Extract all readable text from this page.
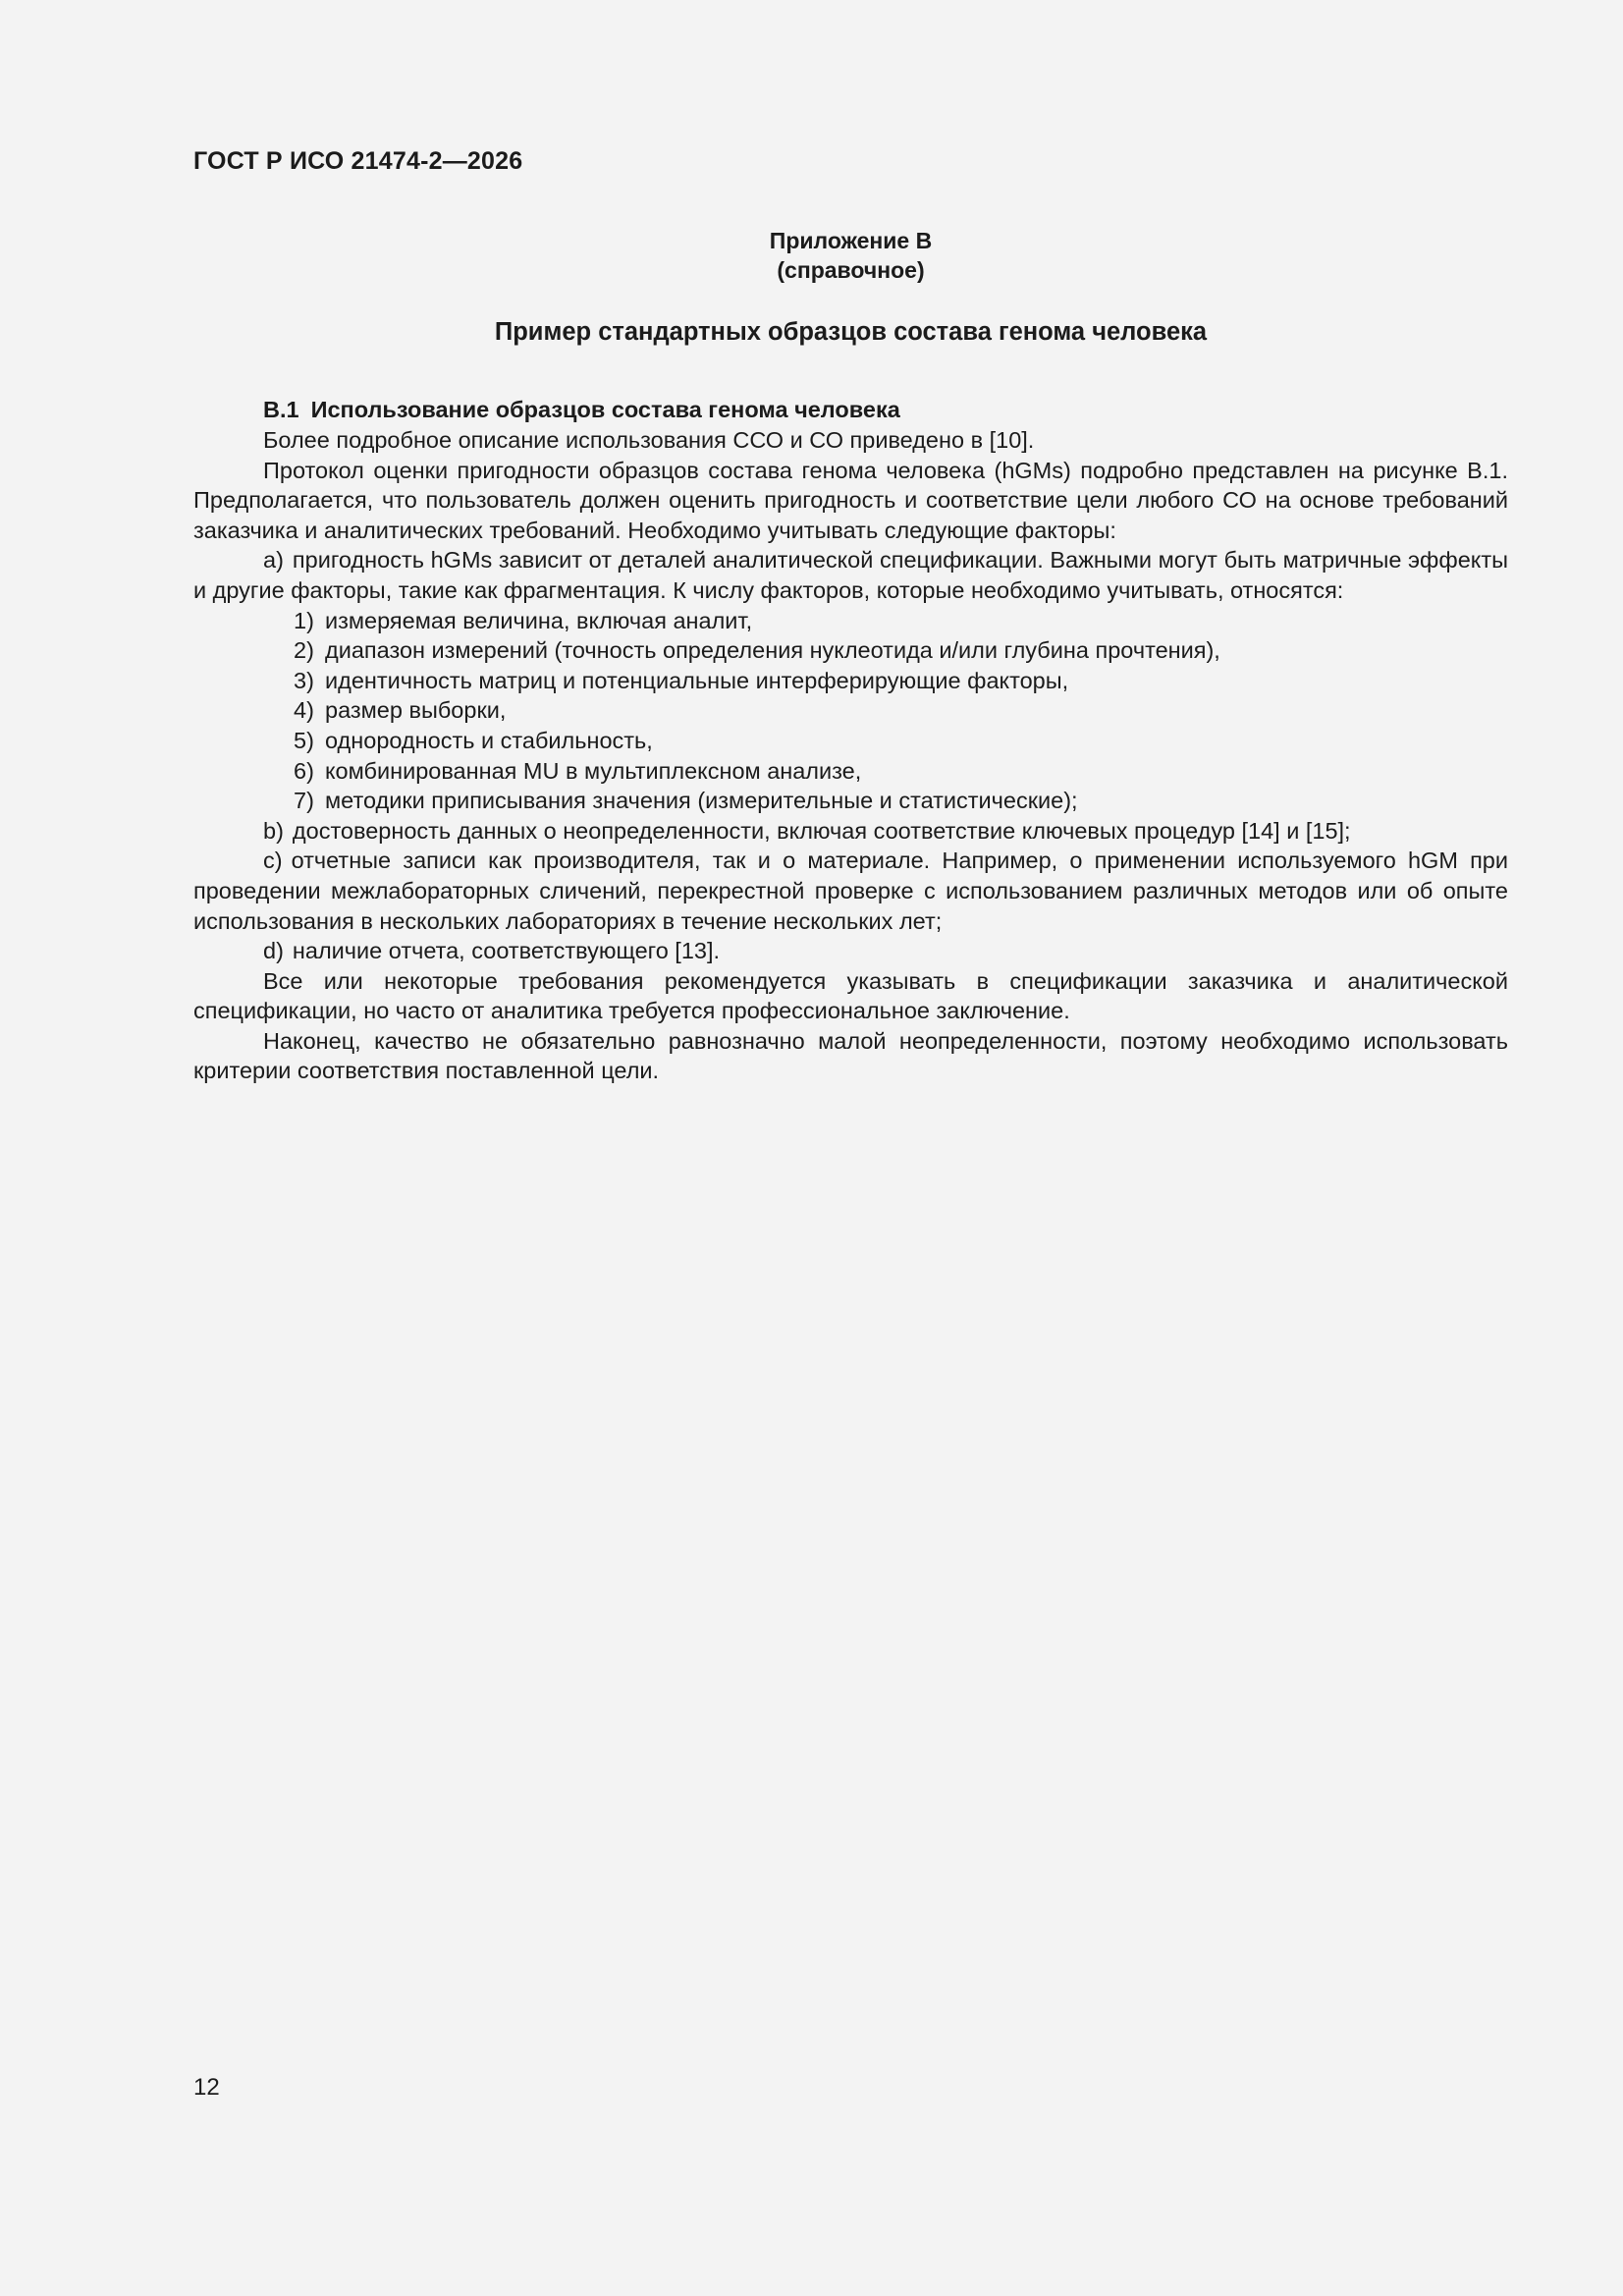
ГОСТ Р ИСО 21474-2—2026
Приложение В
(справочное)
Пример стандартных образцов состава генома человека
В.1 Использование образцов состава генома человека

Более подробное описание использования ССО и СО приведено в [10].

Протокол оценки пригодности образцов состава генома человека (hGMs) подробно представлен на рисунке В.1. Предполагается, что пользователь должен оценить пригодность и соответствие цели любого СО на основе требований заказчика и аналитических требований. Необходимо учитывать следующие факторы:

a) пригодность hGMs зависит от деталей аналитической спецификации. Важными могут быть матричные эффекты и другие факторы, такие как фрагментация. К числу факторов, которые необходимо учитывать, относятся:

1) измеряемая величина, включая аналит,

2) диапазон измерений (точность определения нуклеотида и/или глубина прочтения),

3) идентичность матриц и потенциальные интерферирующие факторы,

4) размер выборки,

5) однородность и стабильность,

6) комбинированная MU в мультиплексном анализе,

7) методики приписывания значения (измерительные и статистические);

b) достоверность данных о неопределенности, включая соответствие ключевых процедур [14] и [15];

c) отчетные записи как производителя, так и о материале. Например, о применении используемого hGM при проведении межлабораторных сличений, перекрестной проверке с использованием различных методов или об опыте использования в нескольких лабораториях в течение нескольких лет;

d) наличие отчета, соответствующего [13].

Все или некоторые требования рекомендуется указывать в спецификации заказчика и аналитической спецификации, но часто от аналитика требуется профессиональное заключение.

Наконец, качество не обязательно равнозначно малой неопределенности, поэтому необходимо использовать критерии соответствия поставленной цели.

12
